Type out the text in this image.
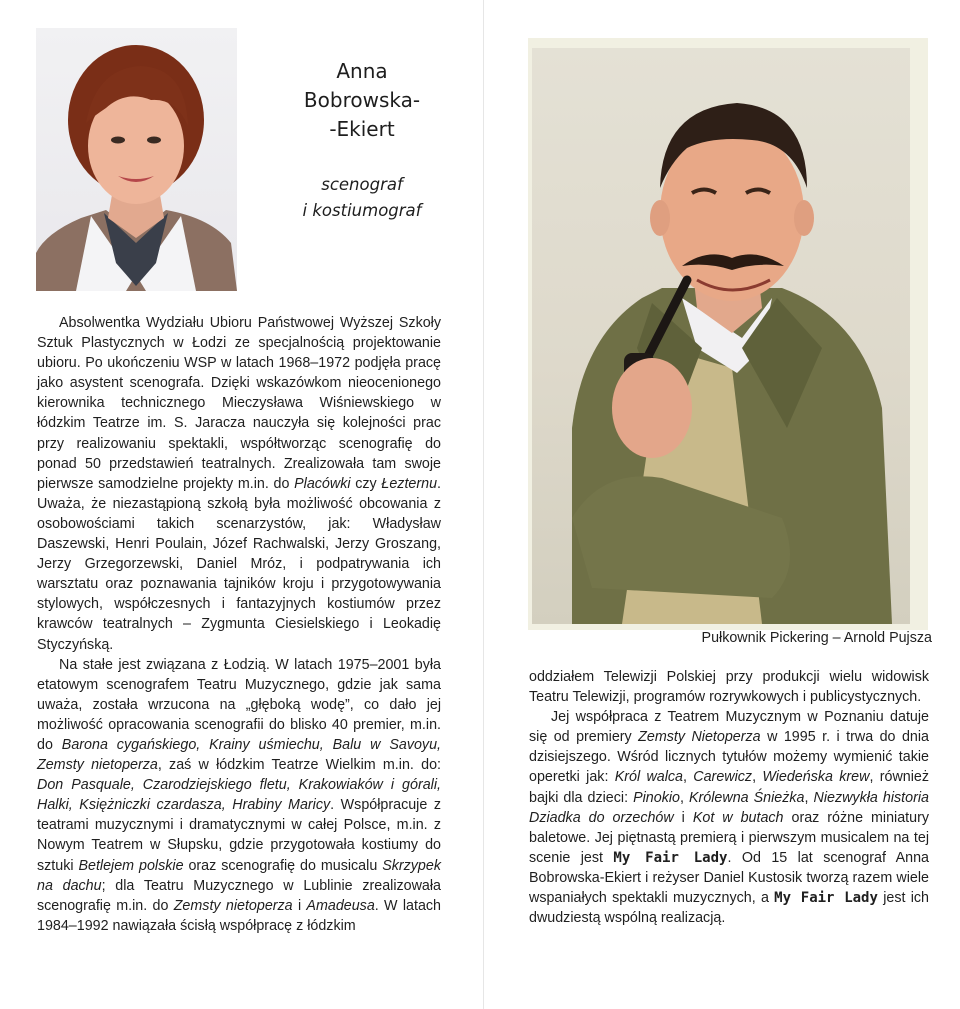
Anna
Bobrowska-
-Ekiert
scenograf
i kostiumograf

Absolwentka Wydziału Ubioru Państwowej Wyższej Szkoły Sztuk Plastycznych w Łodzi ze specjalnością projektowanie ubioru. Po ukończeniu WSP w latach 1968–1972 podjęła pracę jako asystent scenografa. Dzięki wskazówkom nieocenionego kierownika technicznego Mieczysława Wiśniewskiego w łódzkim Teatrze im. S. Jaracza nauczyła się kolejności prac przy realizowaniu spektakli, współtworząc scenografię do ponad 50 przedstawień teatralnych. Zrealizowała tam swoje pierwsze samodzielne projekty m.in. do Placówki czy Łezternu. Uważa, że niezastąpioną szkołą była możliwość obcowania z osobowościami takich scenarzystów, jak: Władysław Daszewski, Henri Poulain, Józef Rachwalski, Jerzy Groszang, Jerzy Grzegorzewski, Daniel Mróz, i podpatrywania ich warsztatu oraz poznawania tajników kroju i przygotowywania stylowych, współczesnych i fantazyjnych kostiumów przez krawców teatralnych – Zygmunta Ciesielskiego i Leokadię Styczyńską.

Na stałe jest związana z Łodzią. W latach 1975–2001 była etatowym scenografem Teatru Muzycznego, gdzie jak sama uważa, została wrzucona na „głęboką wodę”, co dało jej możliwość opracowania scenografii do blisko 40 premier, m.in. do Barona cygańskiego, Krainy uśmiechu, Balu w Savoyu, Zemsty nietoperza, zaś w łódzkim Teatrze Wielkim m.in. do: Don Pasquale, Czarodziejskiego fletu, Krakowiaków i górali, Halki, Księżniczki czardasza, Hrabiny Maricy. Współpracuje z teatrami muzycznymi i dramatycznymi w całej Polsce, m.in. z Nowym Teatrem w Słupsku, gdzie przygotowała kostiumy do sztuki Betlejem polskie oraz scenografię do musicalu Skrzypek na dachu; dla Teatru Muzycznego w Lublinie zrealizowała scenografię m.in. do Zemsty nietoperza i Amadeusa. W latach 1984–1992 nawiązała ścisłą współpracę z łódzkim

Pułkownik Pickering – Arnold Pujsza

oddziałem Telewizji Polskiej przy produkcji wielu widowisk Teatru Telewizji, programów rozrywkowych i publicystycznych.

Jej współpraca z Teatrem Muzycznym w Poznaniu datuje się od premiery Zemsty Nietoperza w 1995 r. i trwa do dnia dzisiejszego. Wśród licznych tytułów możemy wymienić takie operetki jak: Król walca, Carewicz, Wiedeńska krew, również bajki dla dzieci: Pinokio, Królewna Śnieżka, Niezwykła historia Dziadka do orzechów i Kot w butach oraz różne miniatury baletowe. Jej piętnastą premierą i pierwszym musicalem na tej scenie jest My Fair Lady. Od 15 lat scenograf Anna Bobrowska-Ekiert i reżyser Daniel Kustosik tworzą razem wiele wspaniałych spektakli muzycznych, a My Fair Lady jest ich dwudziestą wspólną realizacją.
